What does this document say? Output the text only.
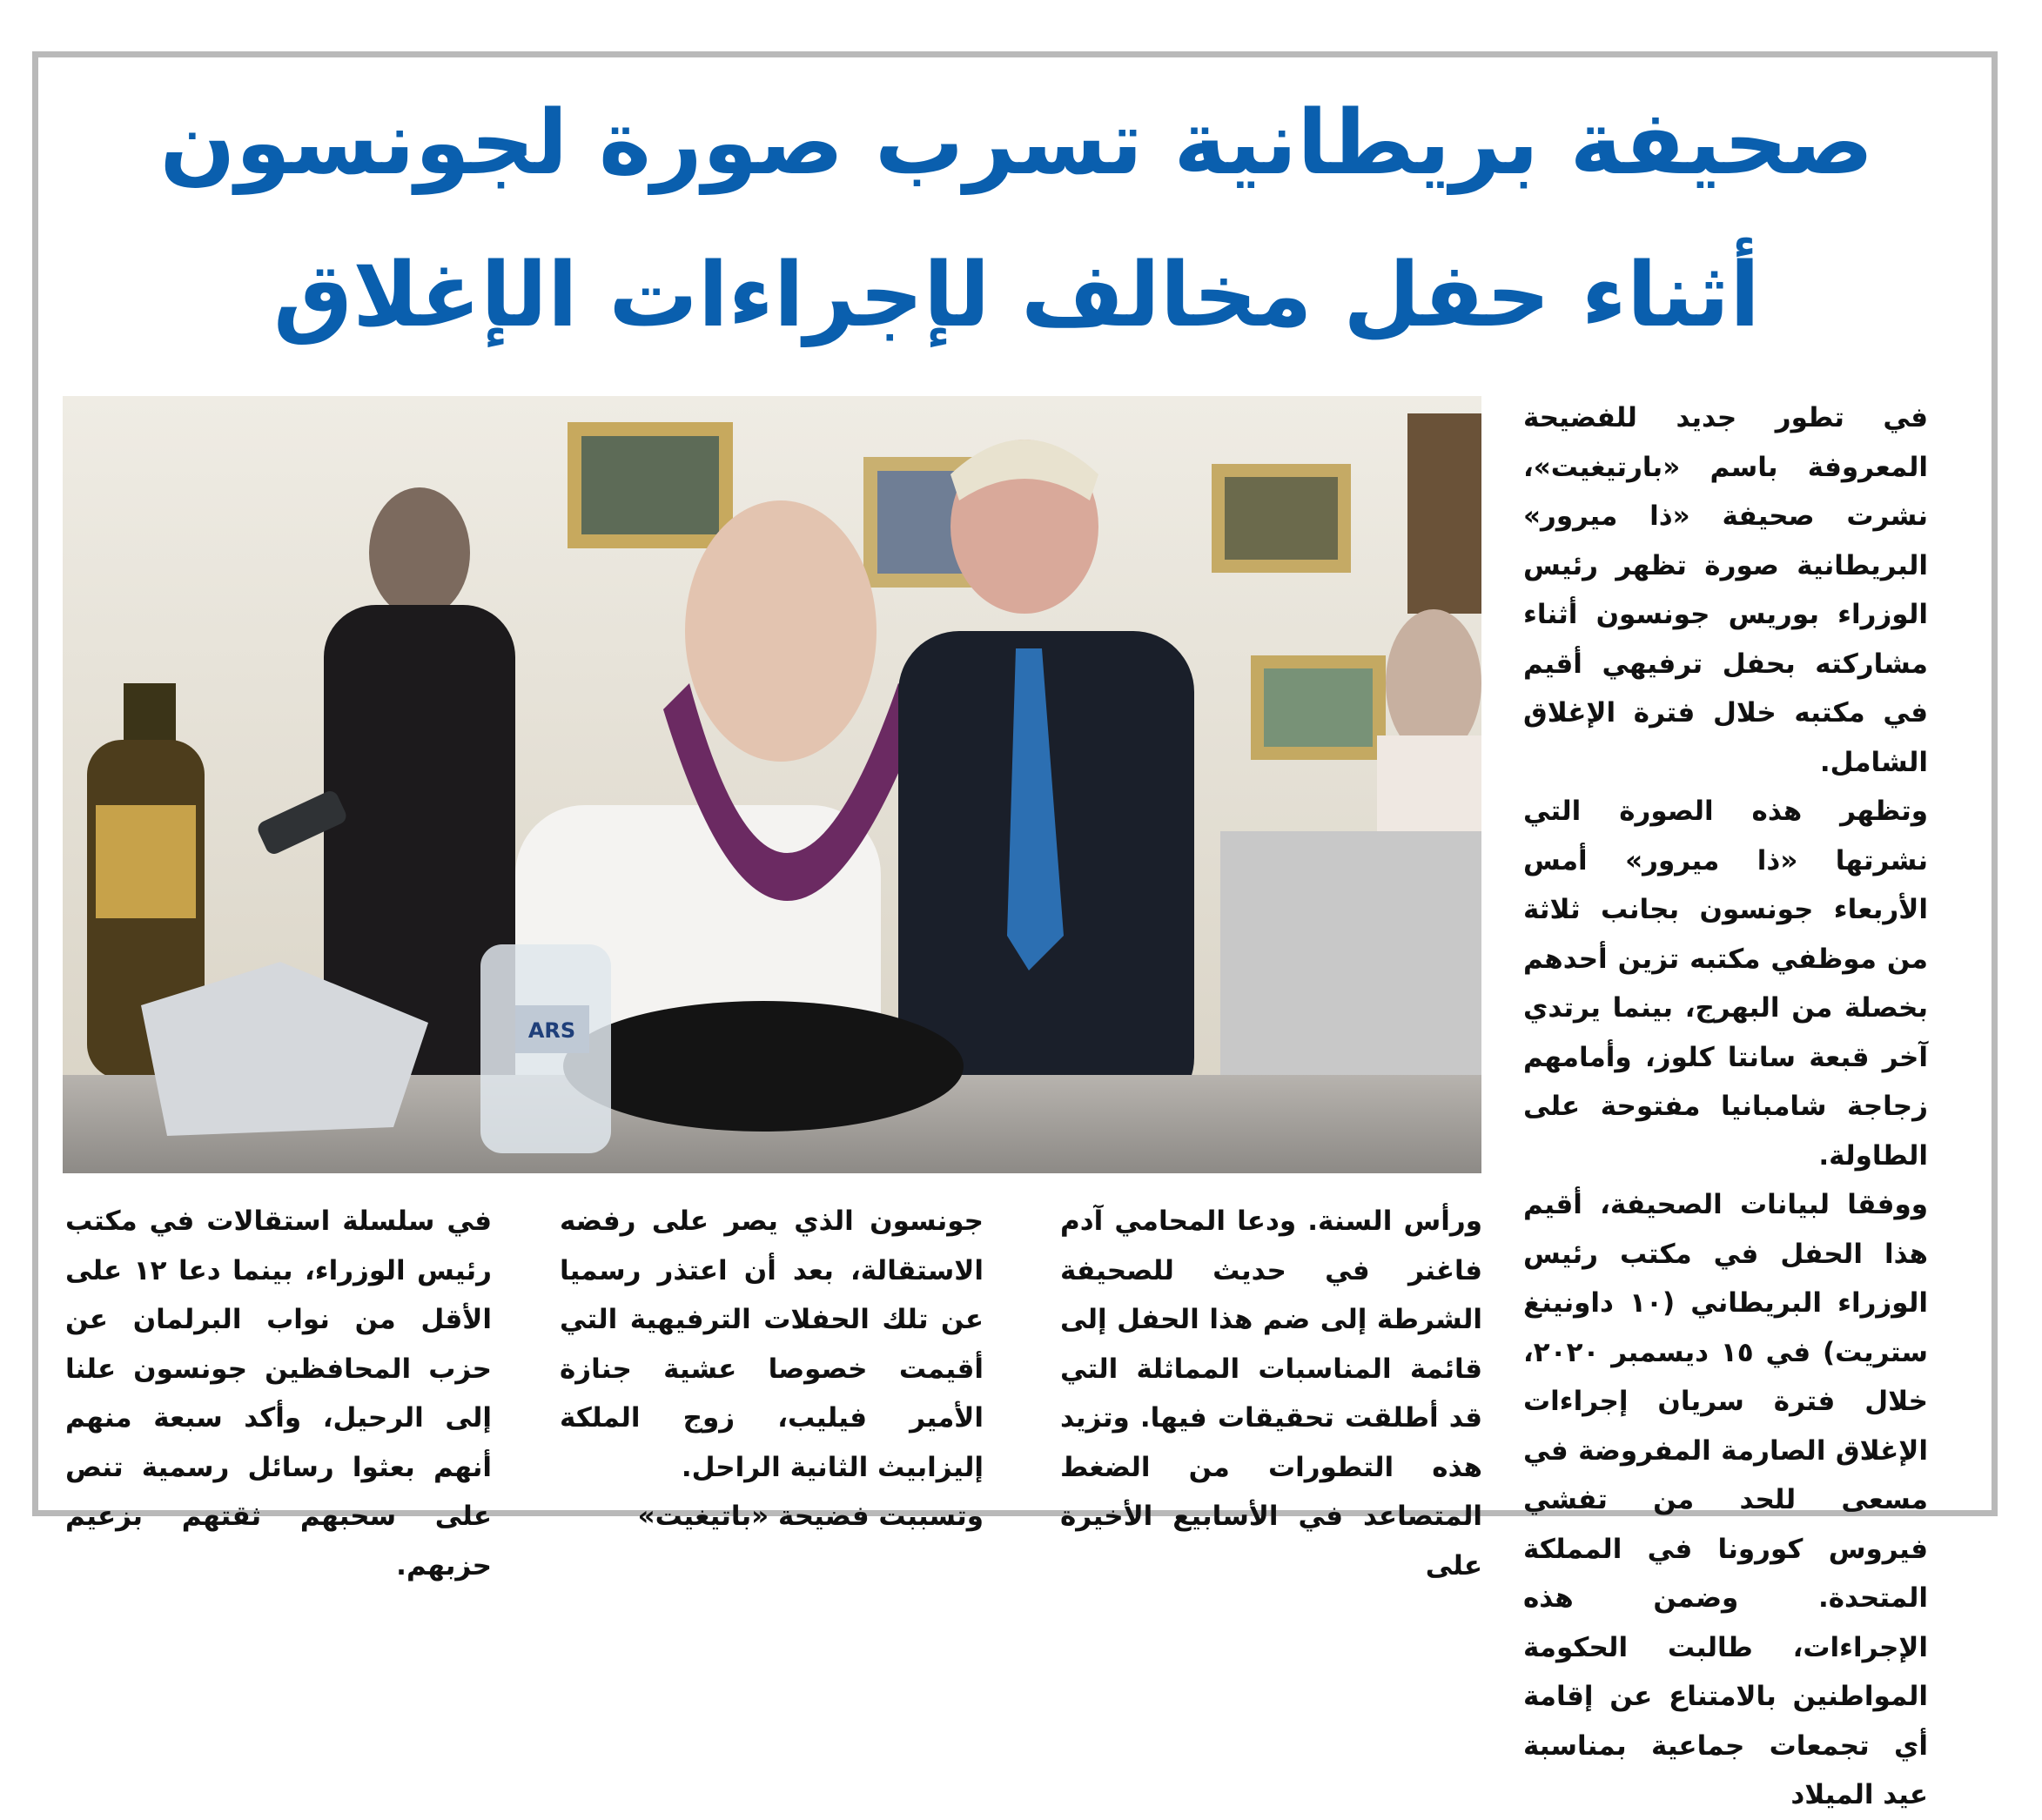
صحيفة بريطانية تسرب صورة لجونسون
أثناء حفل مخالف لإجراءات الإغلاق
ARS

في تطور جديد للفضيحة المعروفة باسم «بارتيغيت»، نشرت صحيفة «ذا ميرور» البريطانية صورة تظهر رئيس الوزراء بوريس جونسون أثناء مشاركته بحفل ترفيهي أقيم في مكتبه خلال فترة الإغلاق الشامل.

وتظهر هذه الصورة التي نشرتها «ذا ميرور» أمس الأربعاء جونسون بجانب ثلاثة من موظفي مكتبه تزين أحدهم بخصلة من البهرج، بينما يرتدي آخر قبعة سانتا كلوز، وأمامهم زجاجة شامبانيا مفتوحة على الطاولة.

ووفقا لبيانات الصحيفة، أقيم هذا الحفل في مكتب رئيس الوزراء البريطاني (١٠ داونينغ ستريت) في ١٥ ديسمبر ٢٠٢٠، خلال فترة سريان إجراءات الإغلاق الصارمة المفروضة في مسعى للحد من تفشي فيروس كورونا في المملكة المتحدة. وضمن هذه الإجراءات، طالبت الحكومة المواطنين بالامتناع عن إقامة أي تجمعات جماعية بمناسبة عيد الميلاد

ورأس السنة. ودعا المحامي آدم فاغنر في حديث للصحيفة الشرطة إلى ضم هذا الحفل إلى قائمة المناسبات المماثلة التي قد أطلقت تحقيقات فيها. وتزيد هذه التطورات من الضغط المتصاعد في الأسابيع الأخيرة على

جونسون الذي يصر على رفضه الاستقالة، بعد أن اعتذر رسميا عن تلك الحفلات الترفيهية التي أقيمت خصوصا عشية جنازة الأمير فيليب، زوج الملكة إليزابيث الثانية الراحل.

وتسببت فضيحة «باتيغيت»

في سلسلة استقالات في مكتب رئيس الوزراء، بينما دعا ١٢ على الأقل من نواب البرلمان عن حزب المحافظين جونسون علنا إلى الرحيل، وأكد سبعة منهم أنهم بعثوا رسائل رسمية تنص على سحبهم ثقتهم بزعيم حزبهم.
